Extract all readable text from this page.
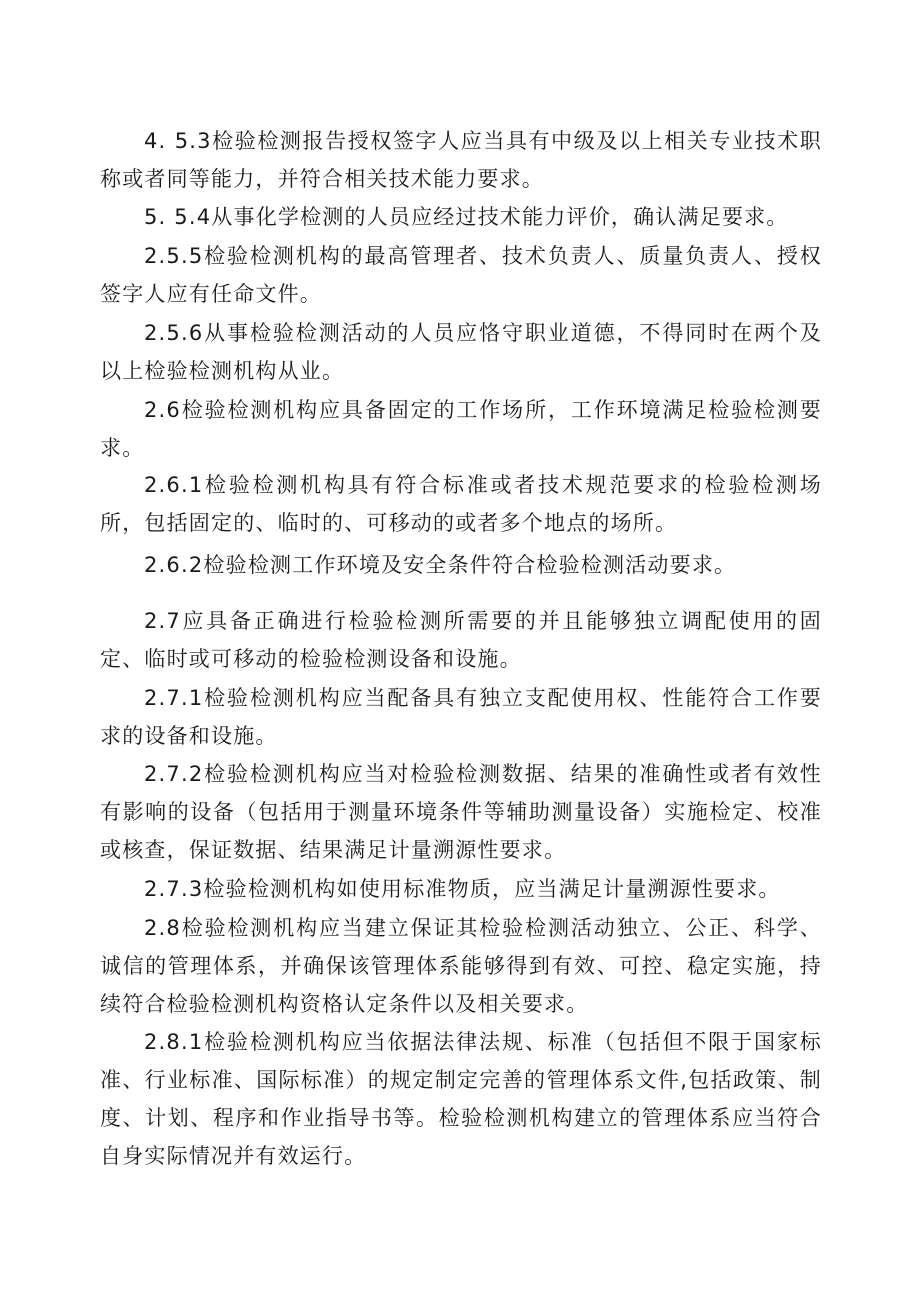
4. 5.3检验检测报告授权签字人应当具有中级及以上相关专业技术职称或者同等能力，并符合相关技术能力要求。

5. 5.4从事化学检测的人员应经过技术能力评价，确认满足要求。

2.5.5检验检测机构的最高管理者、技术负责人、质量负责人、授权签字人应有任命文件。

2.5.6从事检验检测活动的人员应恪守职业道德，不得同时在两个及以上检验检测机构从业。

2.6检验检测机构应具备固定的工作场所，工作环境满足检验检测要求。

2.6.1检验检测机构具有符合标准或者技术规范要求的检验检测场所，包括固定的、临时的、可移动的或者多个地点的场所。

2.6.2检验检测工作环境及安全条件符合检验检测活动要求。

2.7应具备正确进行检验检测所需要的并且能够独立调配使用的固定、临时或可移动的检验检测设备和设施。

2.7.1检验检测机构应当配备具有独立支配使用权、性能符合工作要求的设备和设施。

2.7.2检验检测机构应当对检验检测数据、结果的准确性或者有效性有影响的设备（包括用于测量环境条件等辅助测量设备）实施检定、校准或核查，保证数据、结果满足计量溯源性要求。

2.7.3检验检测机构如使用标准物质，应当满足计量溯源性要求。

2.8检验检测机构应当建立保证其检验检测活动独立、公正、科学、诚信的管理体系，并确保该管理体系能够得到有效、可控、稳定实施，持续符合检验检测机构资格认定条件以及相关要求。

2.8.1检验检测机构应当依据法律法规、标准（包括但不限于国家标准、行业标准、国际标准）的规定制定完善的管理体系文件,包括政策、制度、计划、程序和作业指导书等。检验检测机构建立的管理体系应当符合自身实际情况并有效运行。
